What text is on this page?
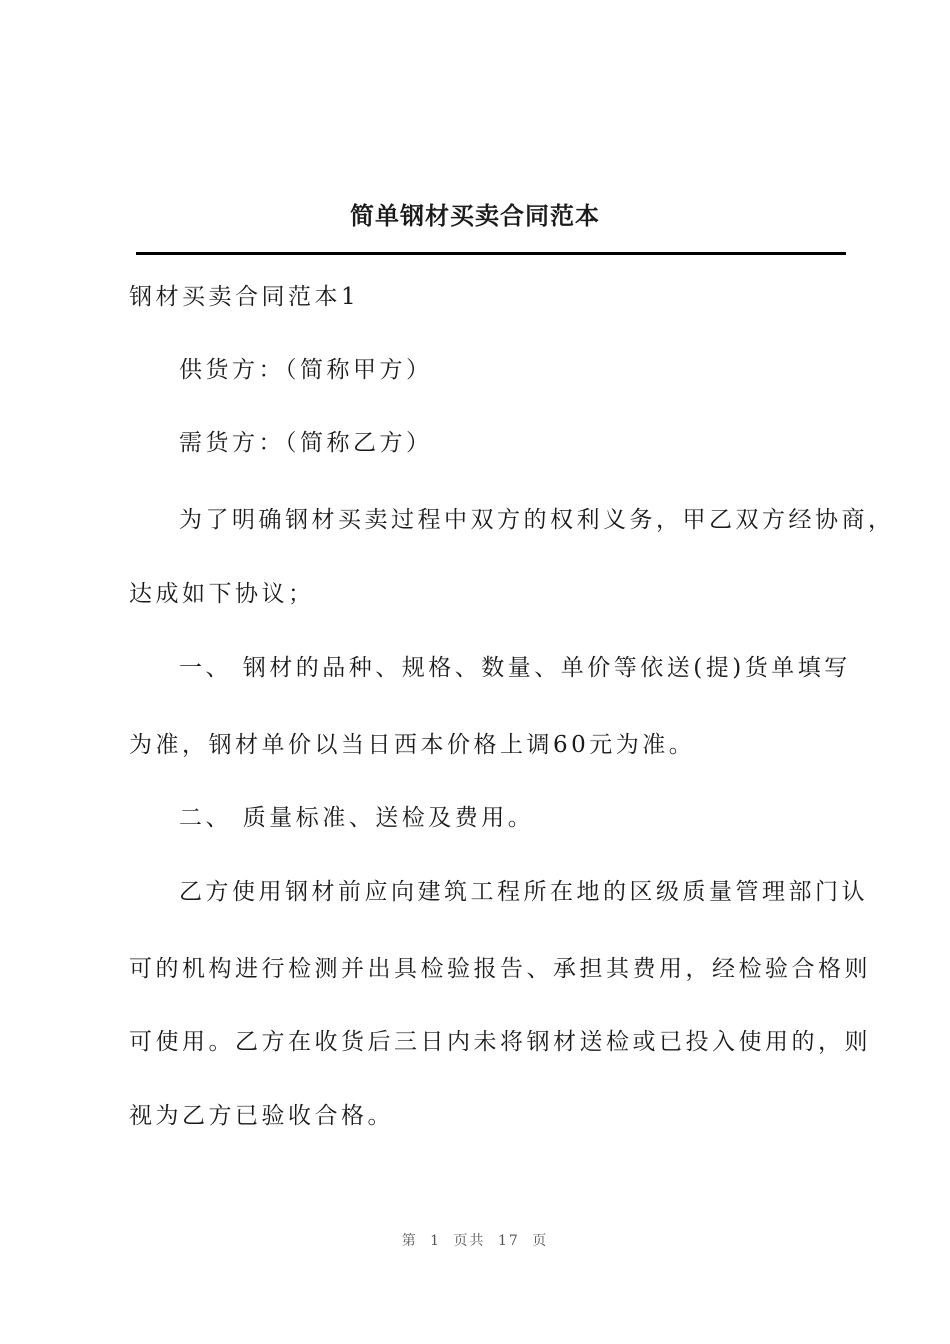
简单钢材买卖合同范本
钢材买卖合同范本1
供货方：（简称甲方）
需货方：（简称乙方）
为了明确钢材买卖过程中双方的权利义务，甲乙双方经协商，
达成如下协议；
一、 钢材的品种、规格、数量、单价等依送(提)货单填写
为准，钢材单价以当日西本价格上调60元为准。
二、 质量标准、送检及费用。
乙方使用钢材前应向建筑工程所在地的区级质量管理部门认
可的机构进行检测并出具检验报告、承担其费用，经检验合格则
可使用。乙方在收货后三日内未将钢材送检或已投入使用的，则
视为乙方已验收合格。
第 1 页共 17 页
